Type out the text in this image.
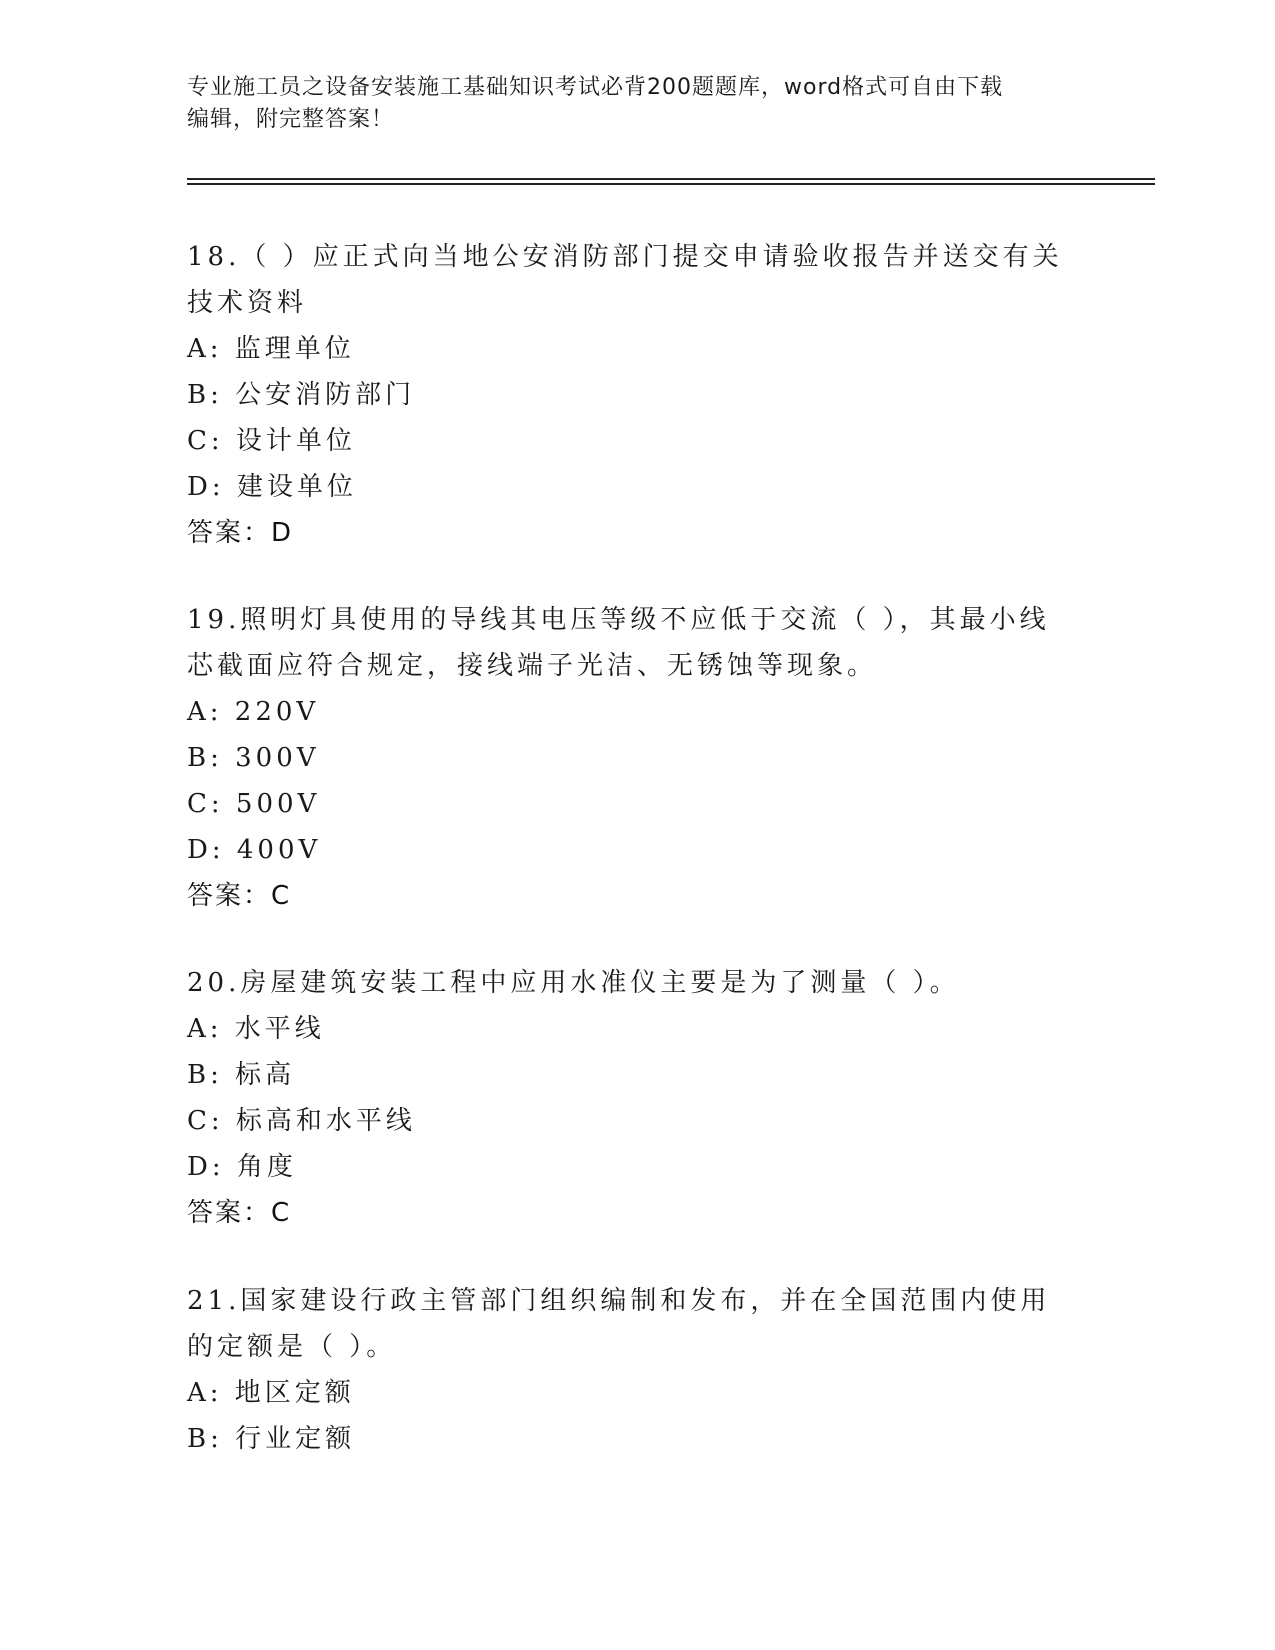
专业施工员之设备安装施工基础知识考试必背200题题库，word格式可自由下载
编辑，附完整答案！

18.（ ）应正式向当地公安消防部门提交申请验收报告并送交有关技术资料

A: 监理单位

B: 公安消防部门

C: 设计单位

D: 建设单位

答案：D

19.照明灯具使用的导线其电压等级不应低于交流（ ），其最小线芯截面应符合规定，接线端子光洁、无锈蚀等现象。

A: 220V

B: 300V

C: 500V

D: 400V

答案：C

20.房屋建筑安装工程中应用水准仪主要是为了测量（ ）。

A: 水平线

B: 标高

C: 标高和水平线

D: 角度

答案：C

21.国家建设行政主管部门组织编制和发布，并在全国范围内使用的定额是（ ）。

A: 地区定额

B: 行业定额
